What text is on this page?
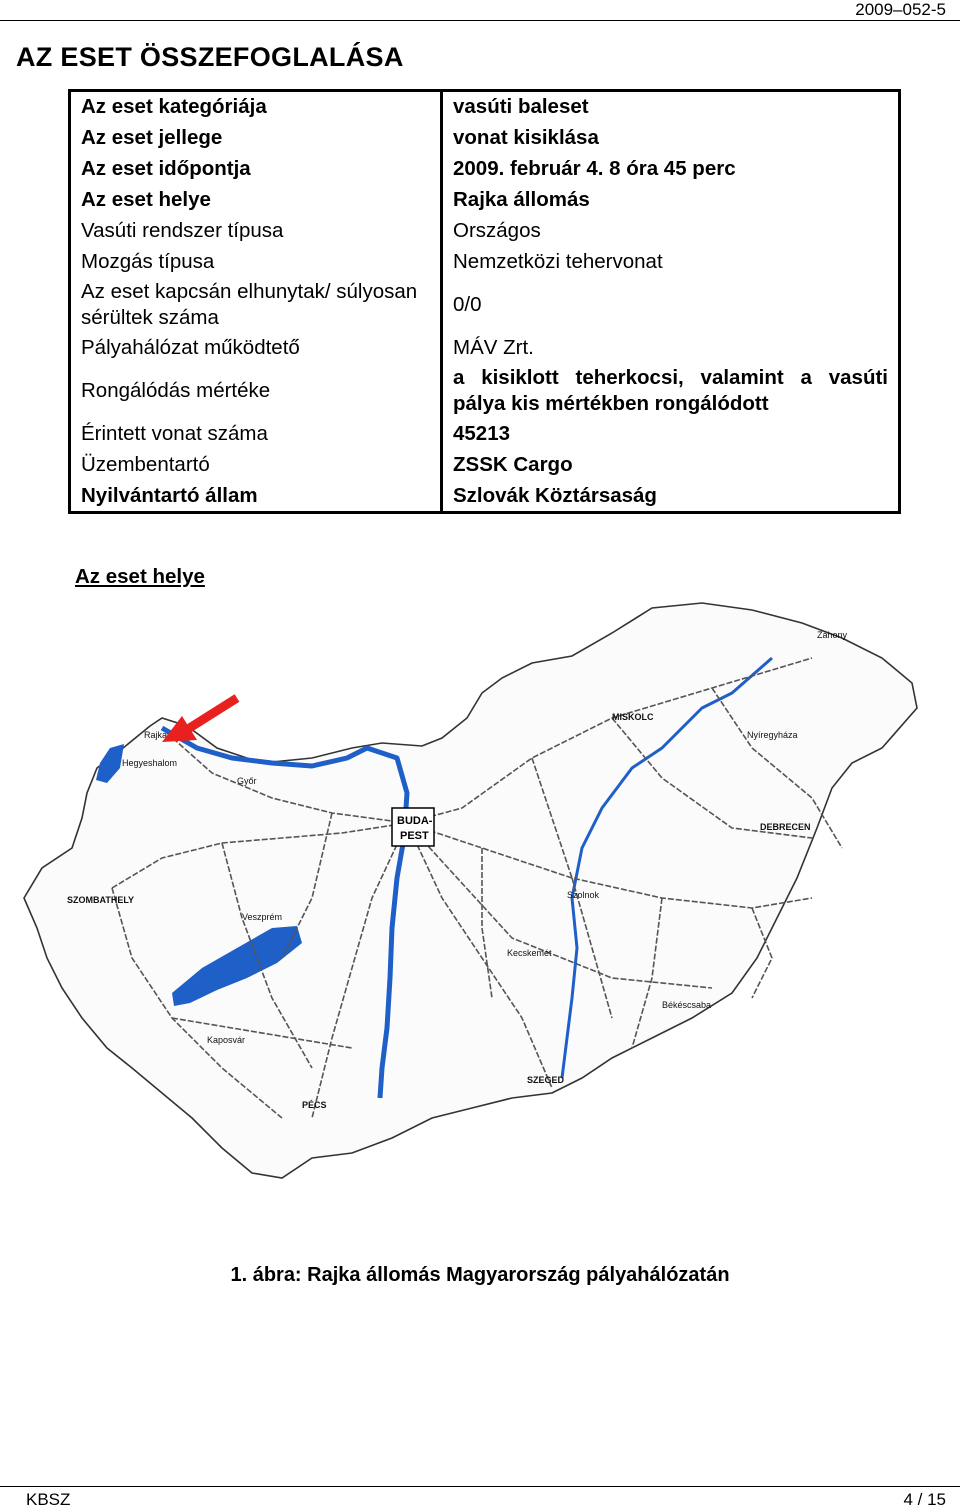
2009–052-5
AZ ESET ÖSSZEFOGLALÁSA
Az eset kategóriája	vasúti baleset
Az eset jellege	vonat kisiklása
Az eset időpontja	2009. február 4. 8 óra 45 perc
Az eset helye	Rajka állomás
Vasúti rendszer típusa	Országos
Mozgás típusa	Nemzetközi tehervonat
Az eset kapcsán elhunytak/ súlyosan sérültek száma	0/0
Pályahálózat működtető	MÁV Zrt.
Rongálódás mértéke	a kisiklott teherkocsi, valamint a vasúti pálya kis mértékben rongálódott
Érintett vonat száma	45213
Üzembentartó	ZSSK Cargo
Nyilvántartó állam	Szlovák Köztársaság
Az eset helye
BUDA-
PEST
Rajka
Hegyeshalom
Győr
SZOMBATHELY
Veszprém
Kaposvár
PÉCS
Kecskemét
Szolnok
SZEGED
Békéscsaba
DEBRECEN
Nyíregyháza
MISKOLC
Záhony
1. ábra: Rajka állomás Magyarország pályahálózatán
KBSZ	4 / 15
